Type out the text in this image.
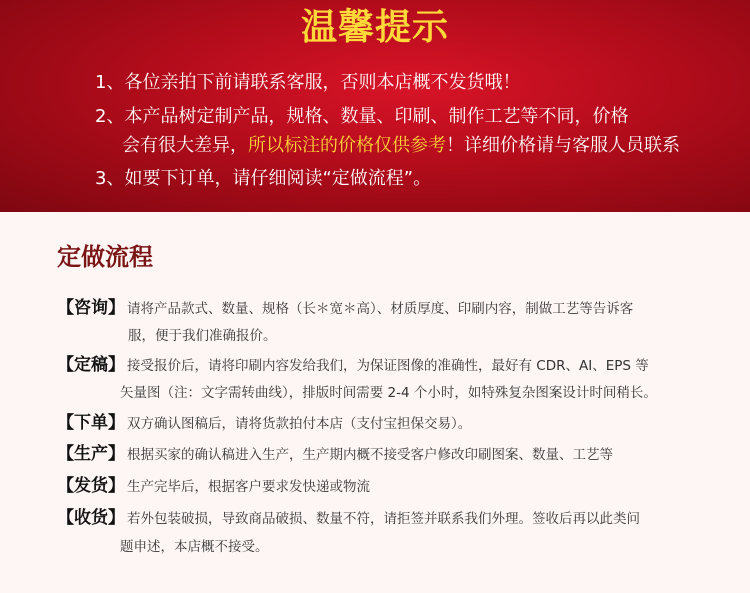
温馨提示
1、各位亲拍下前请联系客服，否则本店概不发货哦！
2、本产品树定制产品，规格、数量、印刷、制作工艺等不同，价格
会有很大差异，所以标注的价格仅供参考！详细价格请与客服人员联系
3、如要下订单，请仔细阅读“定做流程”。
定做流程
【咨询】 请将产品款式、数量、规格（长＊宽＊高）、材质厚度、印刷内容，制做工艺等告诉客
服，便于我们准确报价。
【定稿】 接受报价后，请将印刷内容发给我们，为保证图像的准确性，最好有 CDR、AI、EPS 等
矢量图（注：文字需转曲线），排版时间需要 2-4 个小时，如特殊复杂图案设计时间稍长。
【下单】 双方确认图稿后，请将货款拍付本店（支付宝担保交易）。
【生产】 根据买家的确认稿进入生产，生产期内概不接受客户修改印刷图案、数量、工艺等
【发货】 生产完毕后，根据客户要求发快递或物流
【收货】 若外包装破损，导致商品破损、数量不符，请拒签并联系我们外理。签收后再以此类问
题申述，本店概不接受。
